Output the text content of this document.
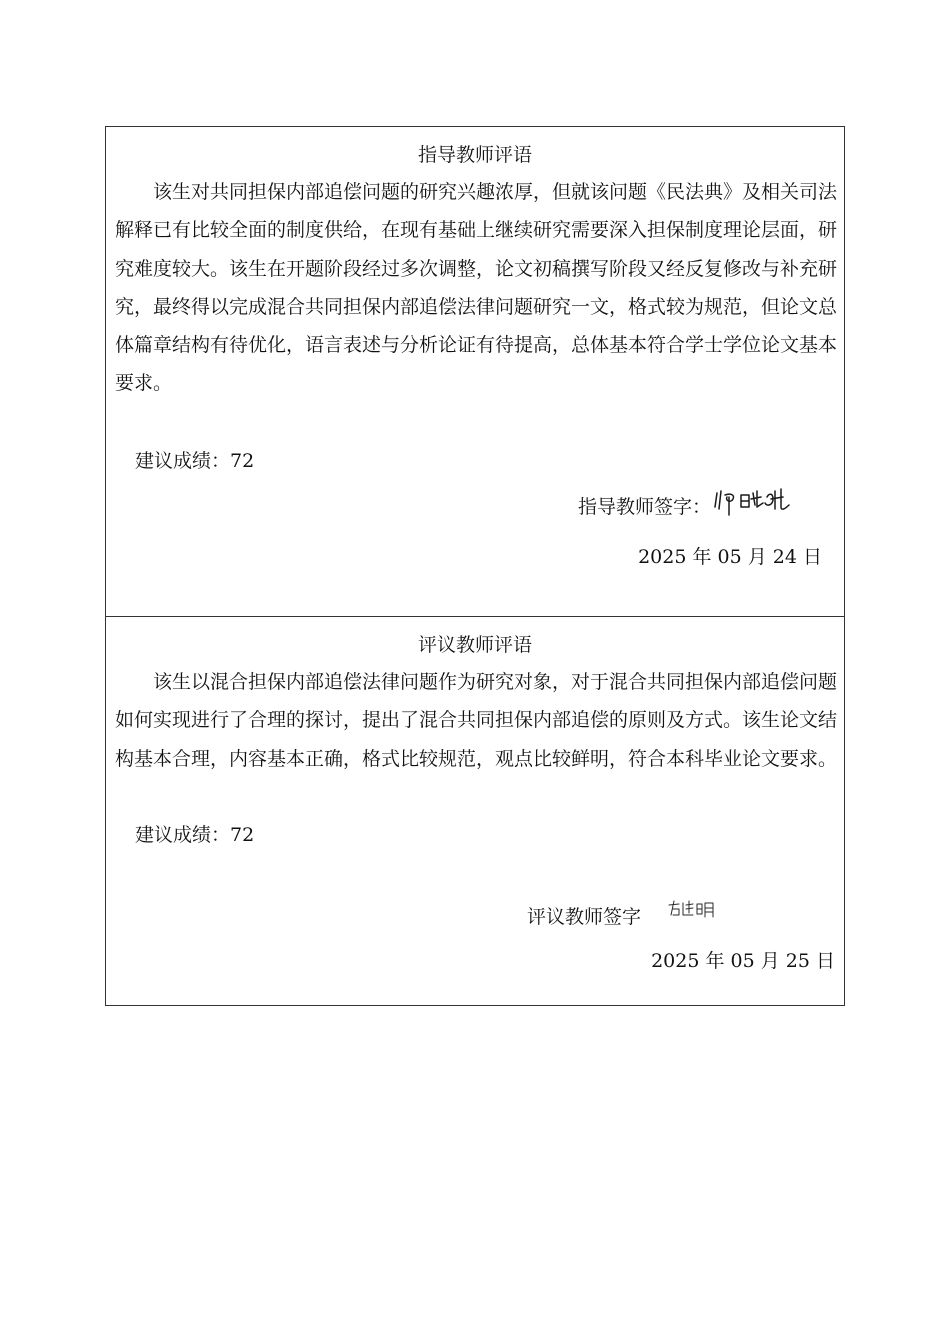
指导教师评语

该生对共同担保内部追偿问题的研究兴趣浓厚，但就该问题《民法典》及相关司法解释已有比较全面的制度供给，在现有基础上继续研究需要深入担保制度理论层面，研究难度较大。该生在开题阶段经过多次调整，论文初稿撰写阶段又经反复修改与补充研究，最终得以完成混合共同担保内部追偿法律问题研究一文，格式较为规范，但论文总体篇章结构有待优化，语言表述与分析论证有待提高，总体基本符合学士学位论文基本要求。

建议成绩：72
指导教师签字：
2025 年 05 月 24 日
评议教师评语

该生以混合担保内部追偿法律问题作为研究对象，对于混合共同担保内部追偿问题如何实现进行了合理的探讨，提出了混合共同担保内部追偿的原则及方式。该生论文结构基本合理，内容基本正确，格式比较规范，观点比较鲜明，符合本科毕业论文要求。

建议成绩：72
评议教师签字
2025 年 05 月 25 日
